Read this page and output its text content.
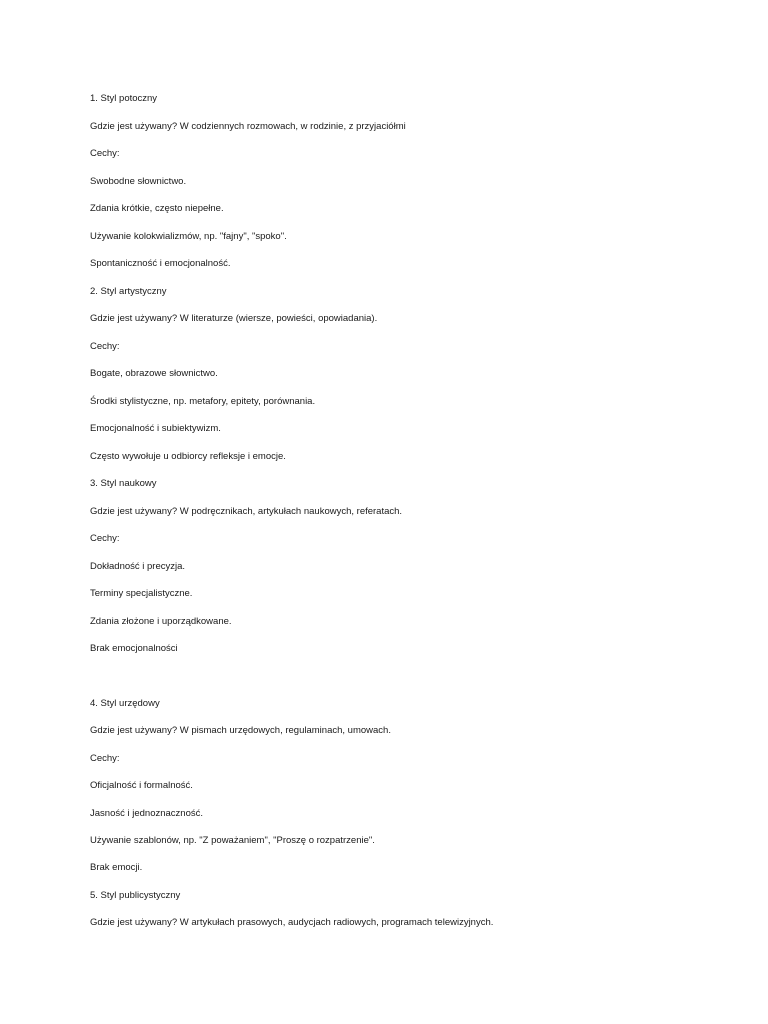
1. Styl potoczny
Gdzie jest używany? W codziennych rozmowach, w rodzinie, z przyjaciółmi
Cechy:
Swobodne słownictwo.
Zdania krótkie, często niepełne.
Używanie kolokwializmów, np. "fajny", "spoko".
Spontaniczność i emocjonalność.
2. Styl artystyczny
Gdzie jest używany? W literaturze (wiersze, powieści, opowiadania).
Cechy:
Bogate, obrazowe słownictwo.
Środki stylistyczne, np. metafory, epitety, porównania.
Emocjonalność i subiektywizm.
Często wywołuje u odbiorcy refleksje i emocje.
3. Styl naukowy
Gdzie jest używany? W podręcznikach, artykułach naukowych, referatach.
Cechy:
Dokładność i precyzja.
Terminy specjalistyczne.
Zdania złożone i uporządkowane.
Brak emocjonalności
4. Styl urzędowy
Gdzie jest używany? W pismach urzędowych, regulaminach, umowach.
Cechy:
Oficjalność i formalność.
Jasność i jednoznaczność.
Używanie szablonów, np. "Z poważaniem", "Proszę o rozpatrzenie".
Brak emocji.
5. Styl publicystyczny
Gdzie jest używany? W artykułach prasowych, audycjach radiowych, programach telewizyjnych.
